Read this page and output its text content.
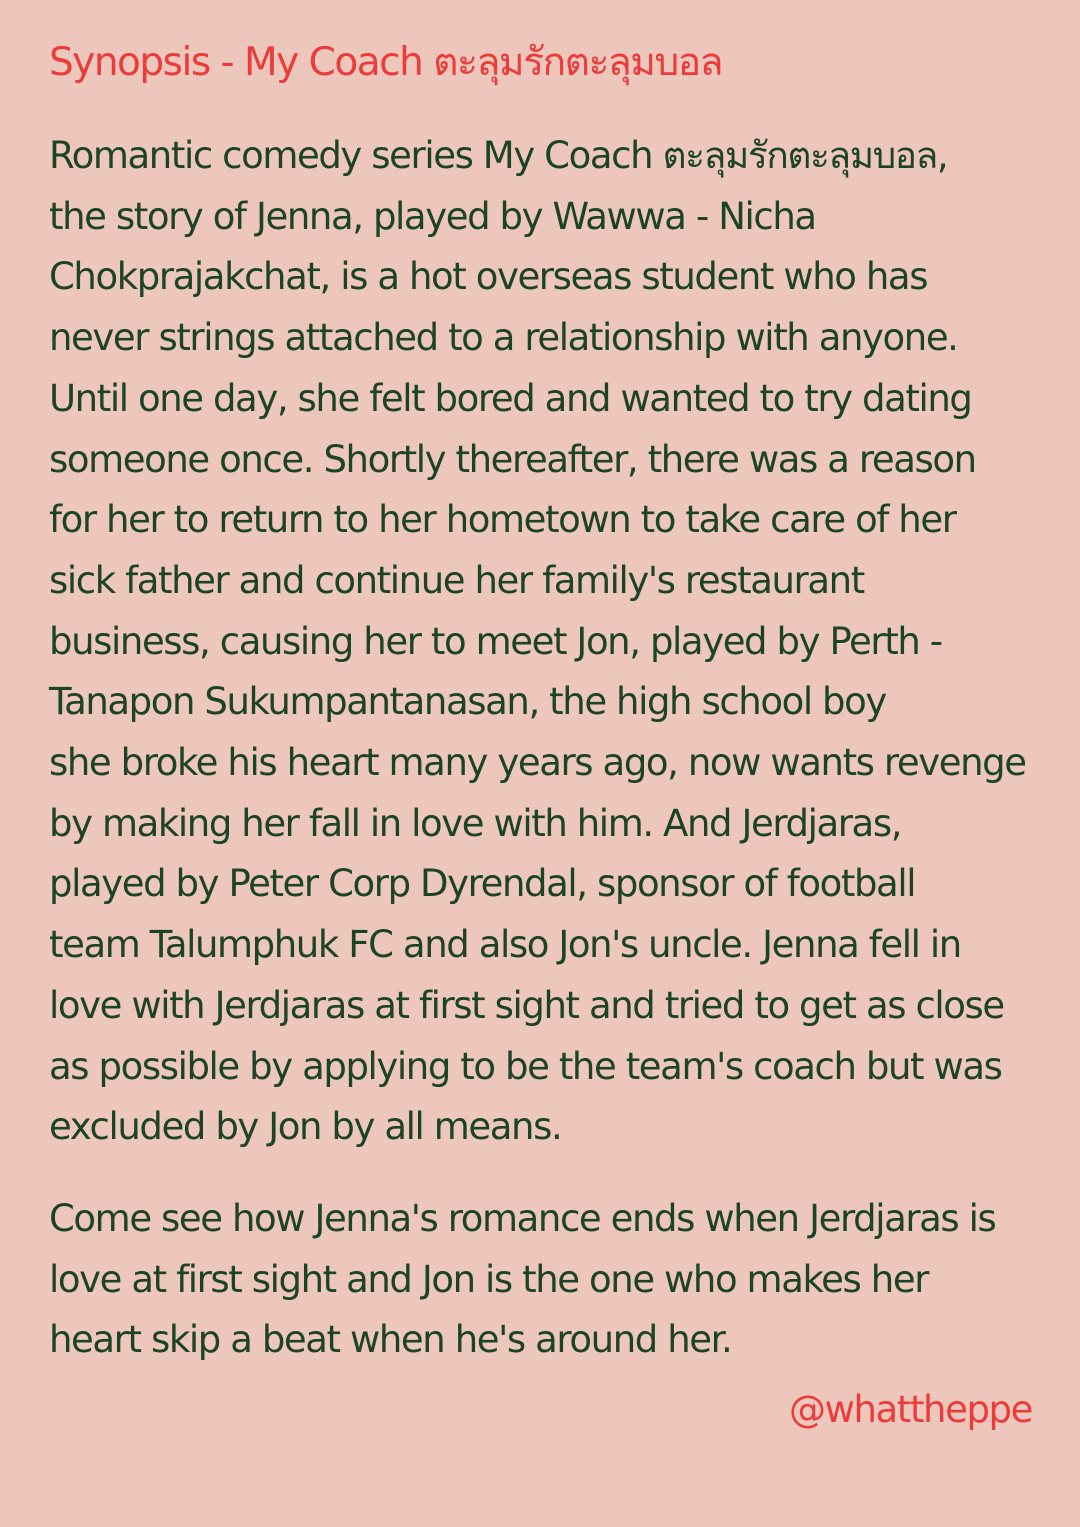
Synopsis - My Coach ตะลุมรักตะลุมบอล

Romantic comedy series My Coach ตะลุมรักตะลุมบอล,
the story of Jenna, played by Wawwa - Nicha
Chokprajakchat, is a hot overseas student who has
never strings attached to a relationship with anyone.
Until one day, she felt bored and wanted to try dating
someone once. Shortly thereafter, there was a reason
for her to return to her hometown to take care of her
sick father and continue her family's restaurant
business, causing her to meet Jon, played by Perth -
Tanapon Sukumpantanasan, the high school boy
she broke his heart many years ago, now wants revenge
by making her fall in love with him. And Jerdjaras,
played by Peter Corp Dyrendal, sponsor of football
team Talumphuk FC and also Jon's uncle. Jenna fell in
love with Jerdjaras at first sight and tried to get as close
as possible by applying to be the team's coach but was
excluded by Jon by all means.

Come see how Jenna's romance ends when Jerdjaras is
love at first sight and Jon is the one who makes her
heart skip a beat when he's around her.

@whattheppe
